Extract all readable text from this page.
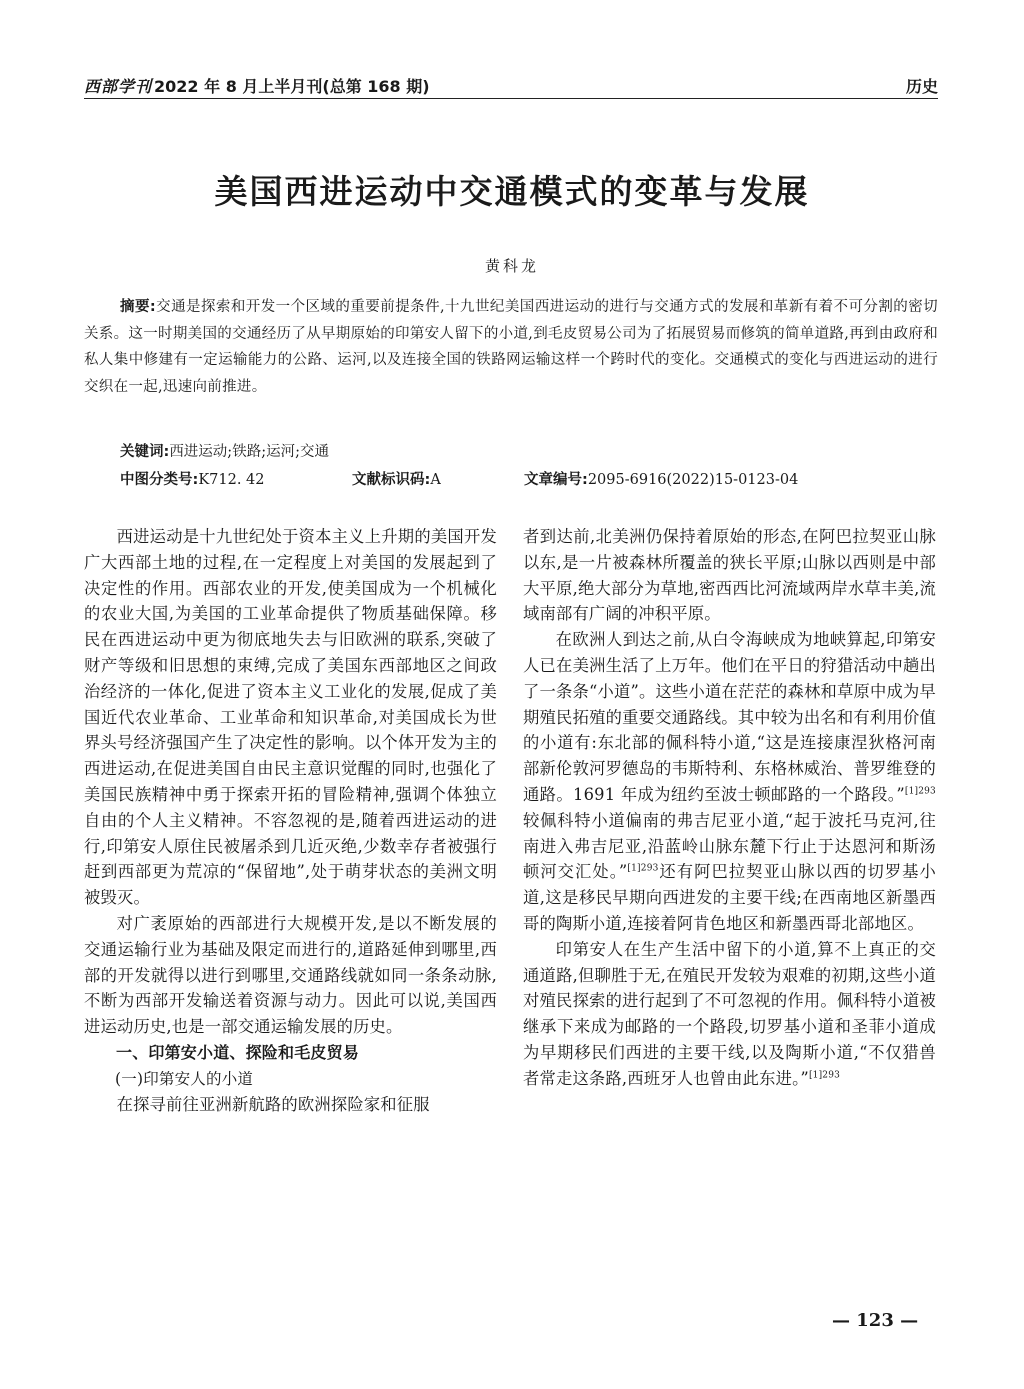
西部学刊 2022 年 8 月上半月刊(总第 168 期)	历史
美国西进运动中交通模式的变革与发展
黄科龙
摘要:交通是探索和开发一个区域的重要前提条件,十九世纪美国西进运动的进行与交通方式的发展和革新有着不可分割的密切关系。这一时期美国的交通经历了从早期原始的印第安人留下的小道,到毛皮贸易公司为了拓展贸易而修筑的简单道路,再到由政府和私人集中修建有一定运输能力的公路、运河,以及连接全国的铁路网运输这样一个跨时代的变化。交通模式的变化与西进运动的进行交织在一起,迅速向前推进。
关键词:西进运动;铁路;运河;交通
中图分类号:K712. 42	文献标识码:A	文章编号:2095-6916(2022)15-0123-04

西进运动是十九世纪处于资本主义上升期的美国开发广大西部土地的过程,在一定程度上对美国的发展起到了决定性的作用。西部农业的开发,使美国成为一个机械化的农业大国,为美国的工业革命提供了物质基础保障。移民在西进运动中更为彻底地失去与旧欧洲的联系,突破了财产等级和旧思想的束缚,完成了美国东西部地区之间政治经济的一体化,促进了资本主义工业化的发展,促成了美国近代农业革命、工业革命和知识革命,对美国成长为世界头号经济强国产生了决定性的影响。以个体开发为主的西进运动,在促进美国自由民主意识觉醒的同时,也强化了美国民族精神中勇于探索开拓的冒险精神,强调个体独立自由的个人主义精神。不容忽视的是,随着西进运动的进行,印第安人原住民被屠杀到几近灭绝,少数幸存者被强行赶到西部更为荒凉的“保留地”,处于萌芽状态的美洲文明被毁灭。

对广袤原始的西部进行大规模开发,是以不断发展的交通运输行业为基础及限定而进行的,道路延伸到哪里,西部的开发就得以进行到哪里,交通路线就如同一条条动脉,不断为西部开发输送着资源与动力。因此可以说,美国西进运动历史,也是一部交通运输发展的历史。

一、印第安小道、探险和毛皮贸易
(一)印第安人的小道

在探寻前往亚洲新航路的欧洲探险家和征服

者到达前,北美洲仍保持着原始的形态,在阿巴拉契亚山脉以东,是一片被森林所覆盖的狭长平原;山脉以西则是中部大平原,绝大部分为草地,密西西比河流域两岸水草丰美,流域南部有广阔的冲积平原。

在欧洲人到达之前,从白令海峡成为地峡算起,印第安人已在美洲生活了上万年。他们在平日的狩猎活动中趟出了一条条“小道”。这些小道在茫茫的森林和草原中成为早期殖民拓殖的重要交通路线。其中较为出名和有利用价值的小道有:东北部的佩科特小道,“这是连接康涅狄格河南部新伦敦河罗德岛的韦斯特利、东格林威治、普罗维登的通路。1691 年成为纽约至波士顿邮路的一个路段。”$^{[1]293}$较佩科特小道偏南的弗吉尼亚小道,“起于波托马克河,往南进入弗吉尼亚,沿蓝岭山脉东麓下行止于达恩河和斯汤顿河交汇处。”$^{[1]293}$还有阿巴拉契亚山脉以西的切罗基小道,这是移民早期向西进发的主要干线;在西南地区新墨西哥的陶斯小道,连接着阿肯色地区和新墨西哥北部地区。

印第安人在生产生活中留下的小道,算不上真正的交通道路,但聊胜于无,在殖民开发较为艰难的初期,这些小道对殖民探索的进行起到了不可忽视的作用。佩科特小道被继承下来成为邮路的一个路段,切罗基小道和圣菲小道成为早期移民们西进的主要干线,以及陶斯小道,“不仅猎兽者常走这条路,西班牙人也曾由此东进。”$^{[1]293}$

— 123 —
